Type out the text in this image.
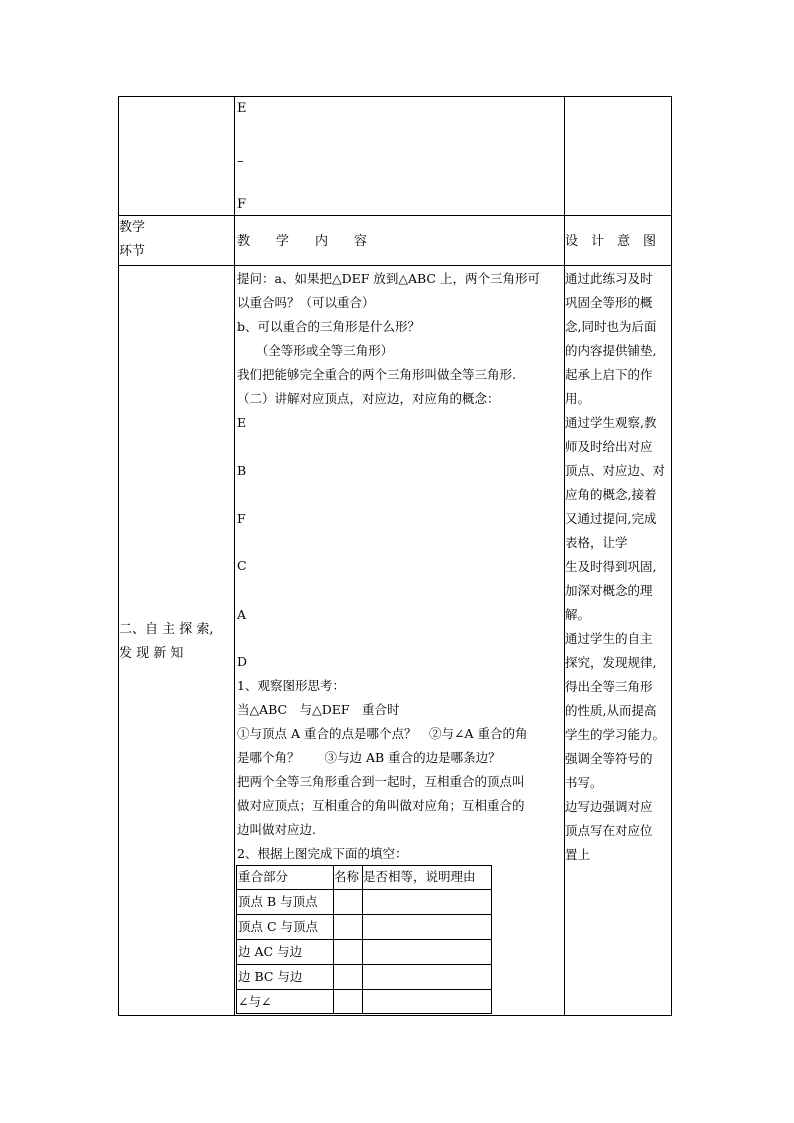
E
–
F
教学
环节
教　　学　　内　　容	设　计　意　图
二、自 主 探 索,
发 现 新 知
提问：a、如果把△DEF 放到△ABC 上，两个三角形可
以重合吗？（可以重合）
b、可以重合的三角形是什么形？
　　（全等形或全等三角形）
我们把能够完全重合的两个三角形叫做全等三角形.
（二）讲解对应顶点，对应边，对应角的概念：
E
B
F
C
A
D
1、观察图形思考：
当△ABC　与△DEF　重合时
①与顶点 A 重合的点是哪个点？　②与∠A 重合的角
是哪个角？　　③与边 AB 重合的边是哪条边？
把两个全等三角形重合到一起时，互相重合的顶点叫
做对应顶点；互相重合的角叫做对应角；互相重合的
边叫做对应边.
2、根据上图完成下面的填空：
通过此练习及时
巩固全等形的概
念,同时也为后面
的内容提供铺垫,
起承上启下的作
用。
通过学生观察,教
师及时给出对应
顶点、对应边、对
应角的概念,接着
又通过提问,完成
表格，让学
生及时得到巩固,
加深对概念的理
解。
通过学生的自主
探究，发现规律,
得出全等三角形
的性质,从而提高
学生的学习能力。
强调全等符号的
书写。
边写边强调对应
顶点写在对应位
置上
重合部分	名称 是否相等，说明理由
顶点 B 与顶点
顶点 C 与顶点
边 AC 与边
边 BC 与边
∠与∠
